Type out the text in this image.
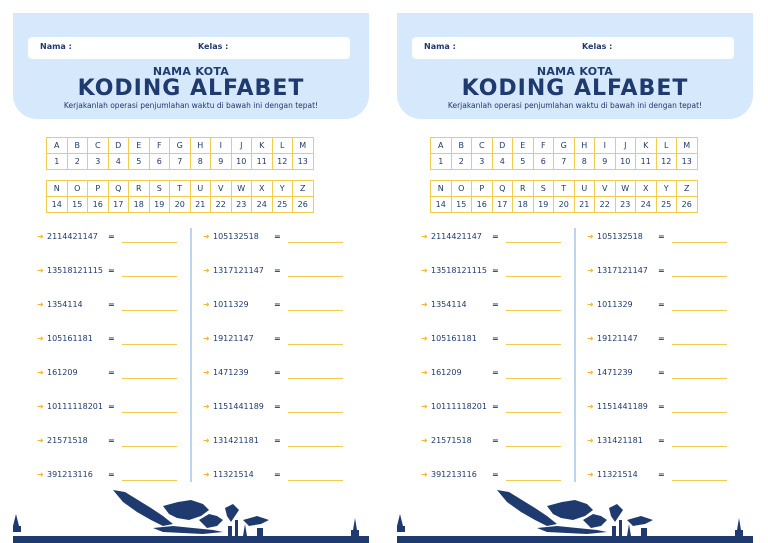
Nama :	Kelas :
NAMA KOTA
KODING ALFABET
Kerjakanlah operasi penjumlahan waktu di bawah ini dengan tepat!
A	B	C	D	E	F	G	H	I	J	K	L	M
1	2	3	4	5	6	7	8	9	10	11	12	13
N	O	P	Q	R	S	T	U	V	W	X	Y	Z
14	15	16	17	18	19	20	21	22	23	24	25	26
➜ 2114421147 =
➜ 13518121115 =
➜ 1354114	=
➜ 105161181 =
➜ 161209	=
➜ 10111118201 =
➜ 21571518	=
➜ 391213116 =
➜ 105132518 =
➜ 1317121147 =
➜ 1011329	=
➜ 19121147	=
➜ 1471239	=
➜ 1151441189 =
➜ 131421181 =
➜ 11321514	=
Nama :	Kelas :
NAMA KOTA
KODING ALFABET
Kerjakanlah operasi penjumlahan waktu di bawah ini dengan tepat!
A	B	C	D	E	F	G	H	I	J	K	L	M
1	2	3	4	5	6	7	8	9	10	11	12	13
N	O	P	Q	R	S	T	U	V	W	X	Y	Z
14	15	16	17	18	19	20	21	22	23	24	25	26
➜ 2114421147 =
➜ 13518121115 =
➜ 1354114	=
➜ 105161181 =
➜ 161209	=
➜ 10111118201 =
➜ 21571518	=
➜ 391213116 =
➜ 105132518 =
➜ 1317121147 =
➜ 1011329	=
➜ 19121147	=
➜ 1471239	=
➜ 1151441189 =
➜ 131421181 =
➜ 11321514	=
